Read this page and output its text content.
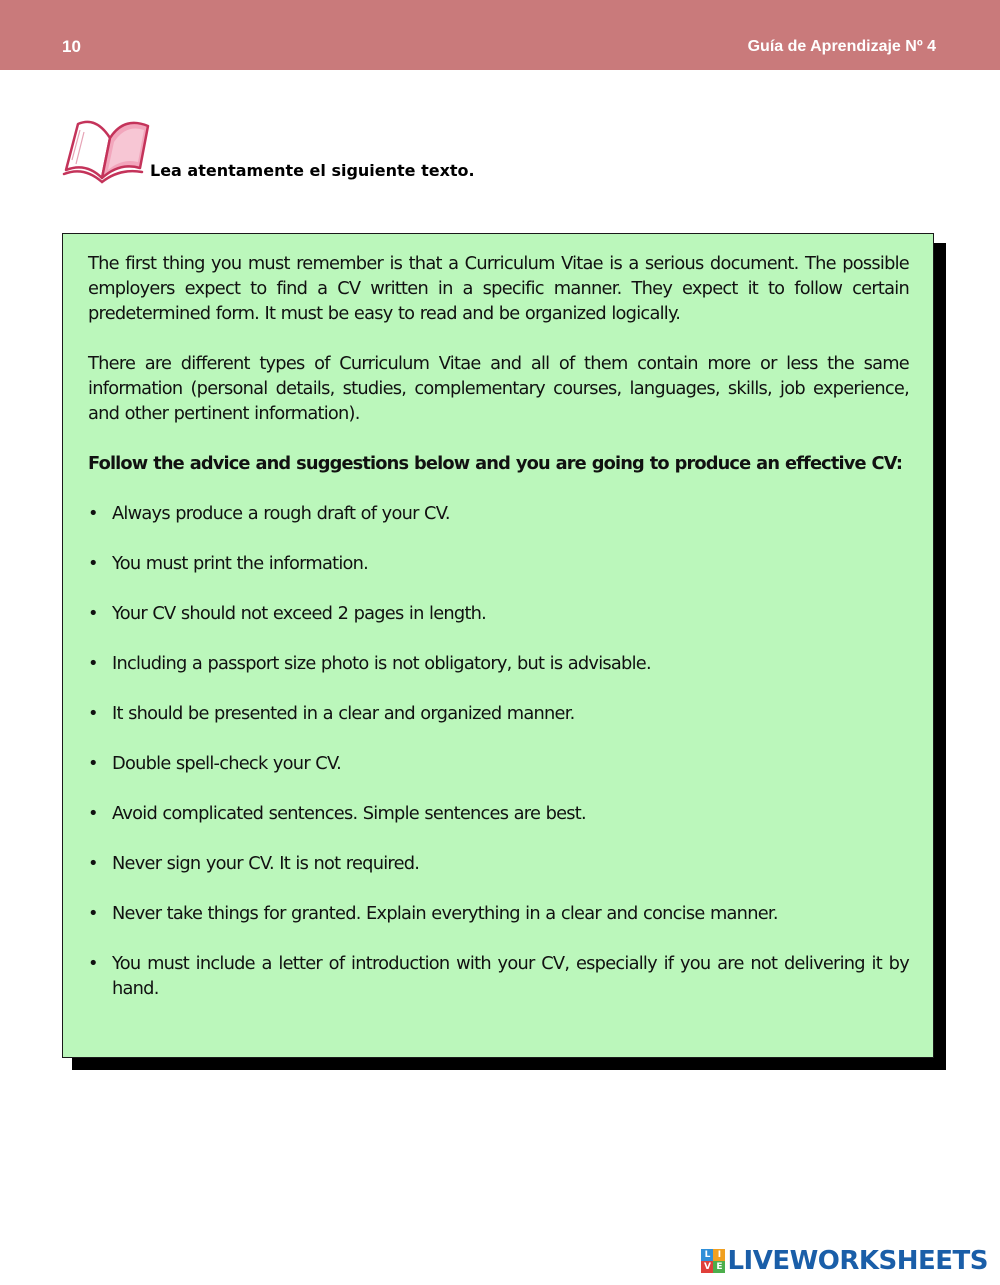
10	Guía de Aprendizaje Nº 4
Lea atentamente el siguiente texto.

The first thing you must remember is that a Curriculum Vitae is a serious document. The possible employers expect to find a CV written in a specific manner. They expect it to follow certain predetermined form. It must be easy to read and be organized logically.

There are different types of Curriculum Vitae and all of them contain more or less the same information (personal details, studies, complementary courses, languages, skills, job experience, and other pertinent information).

Follow the advice and suggestions below and you are going to produce an effective CV:

• Always produce a rough draft of your CV.
• You must print the information.
• Your CV should not exceed 2 pages in length.
• Including a passport size photo is not obligatory, but is advisable.
• It should be presented in a clear and organized manner.
• Double spell-check your CV.
• Avoid complicated sentences. Simple sentences are best.
• Never sign your CV. It is not required.
• Never take things for granted. Explain everything in a clear and concise manner.
• You must include a letter of introduction with your CV, especially if you are not delivering it by hand.
L I
V E LIVEWORKSHEETS
